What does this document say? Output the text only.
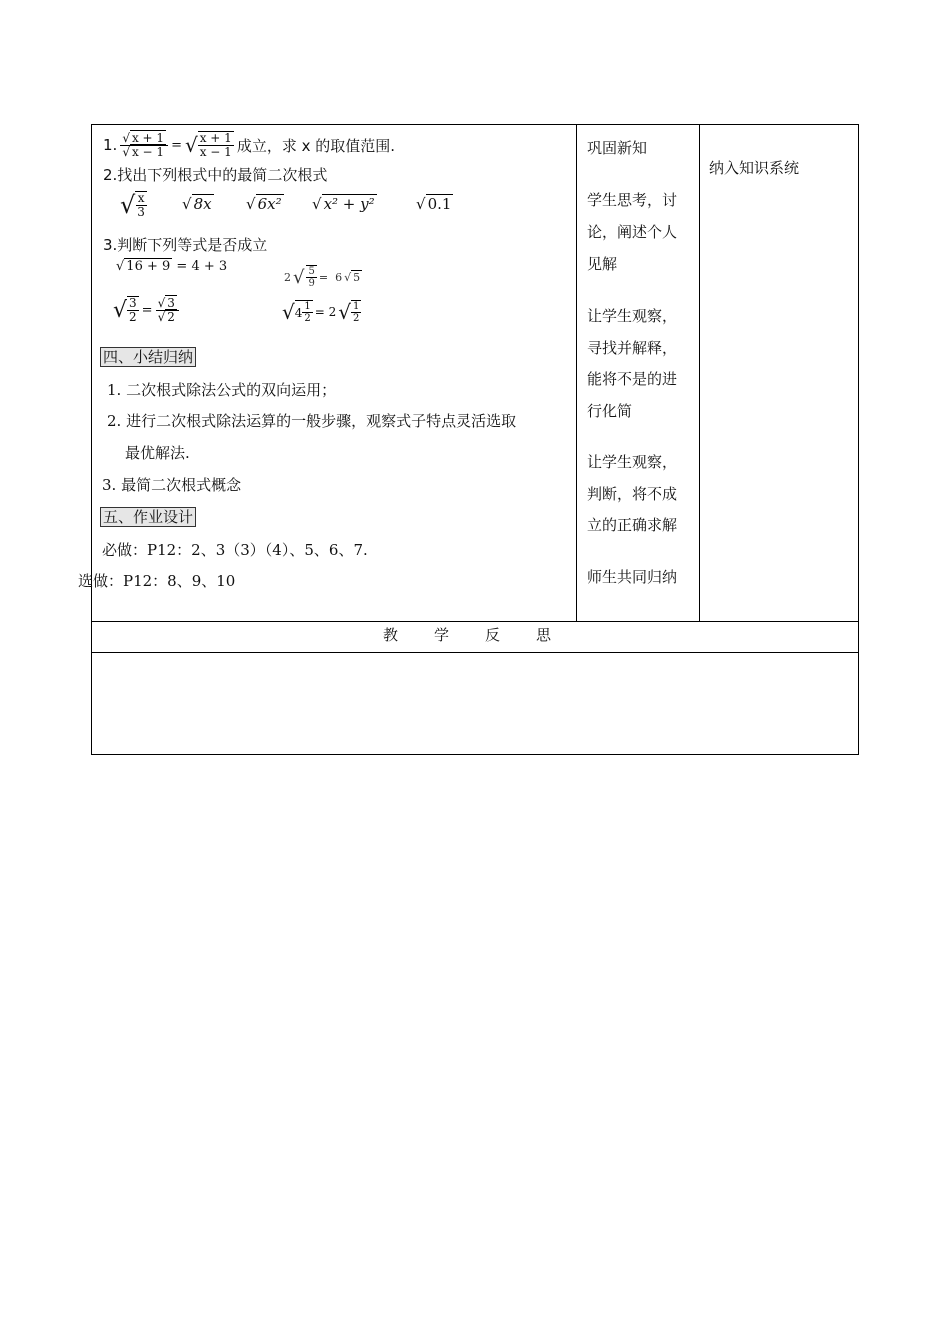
1. $\frac{√ x + 1}{√ x - 1}$ = √ $\frac{x + 1}{x - 1}$ 成立，求 x 的取值范围.
2.找出下列根式中的最简二次根式
√ $\frac{x}{3}$ √ 8x √ 6x² √ x² + y²	√ 0.1
3.判断下列等式是否成立
√ 16 + 9 = 4 + 3
2 √ $\frac{5}{9} = 6$ √ 5
√ $\frac{3}{2} = \frac{√ 3}{√ 2}$	√ $4 \frac{1}{2} = 2$ √ $\frac{1}{2}$
四、小结归纳
1. 二次根式除法公式的双向运用；
2. 进行二次根式除法运算的一般步骤，观察式子特点灵活选取
最优解法.
3. 最简二次根式概念
五、作业设计
必做：P12：2、3（3）（4）、5、6、7.
选做：P12：8、9、10
巩固新知
学生思考，讨
论，阐述个人
见解
让学生观察，
寻找并解释，
能将不是的进
行化简
让学生观察，
判断，将不成
立的正确求解
师生共同归纳
纳入知识系统
教　　学　　反　　思
